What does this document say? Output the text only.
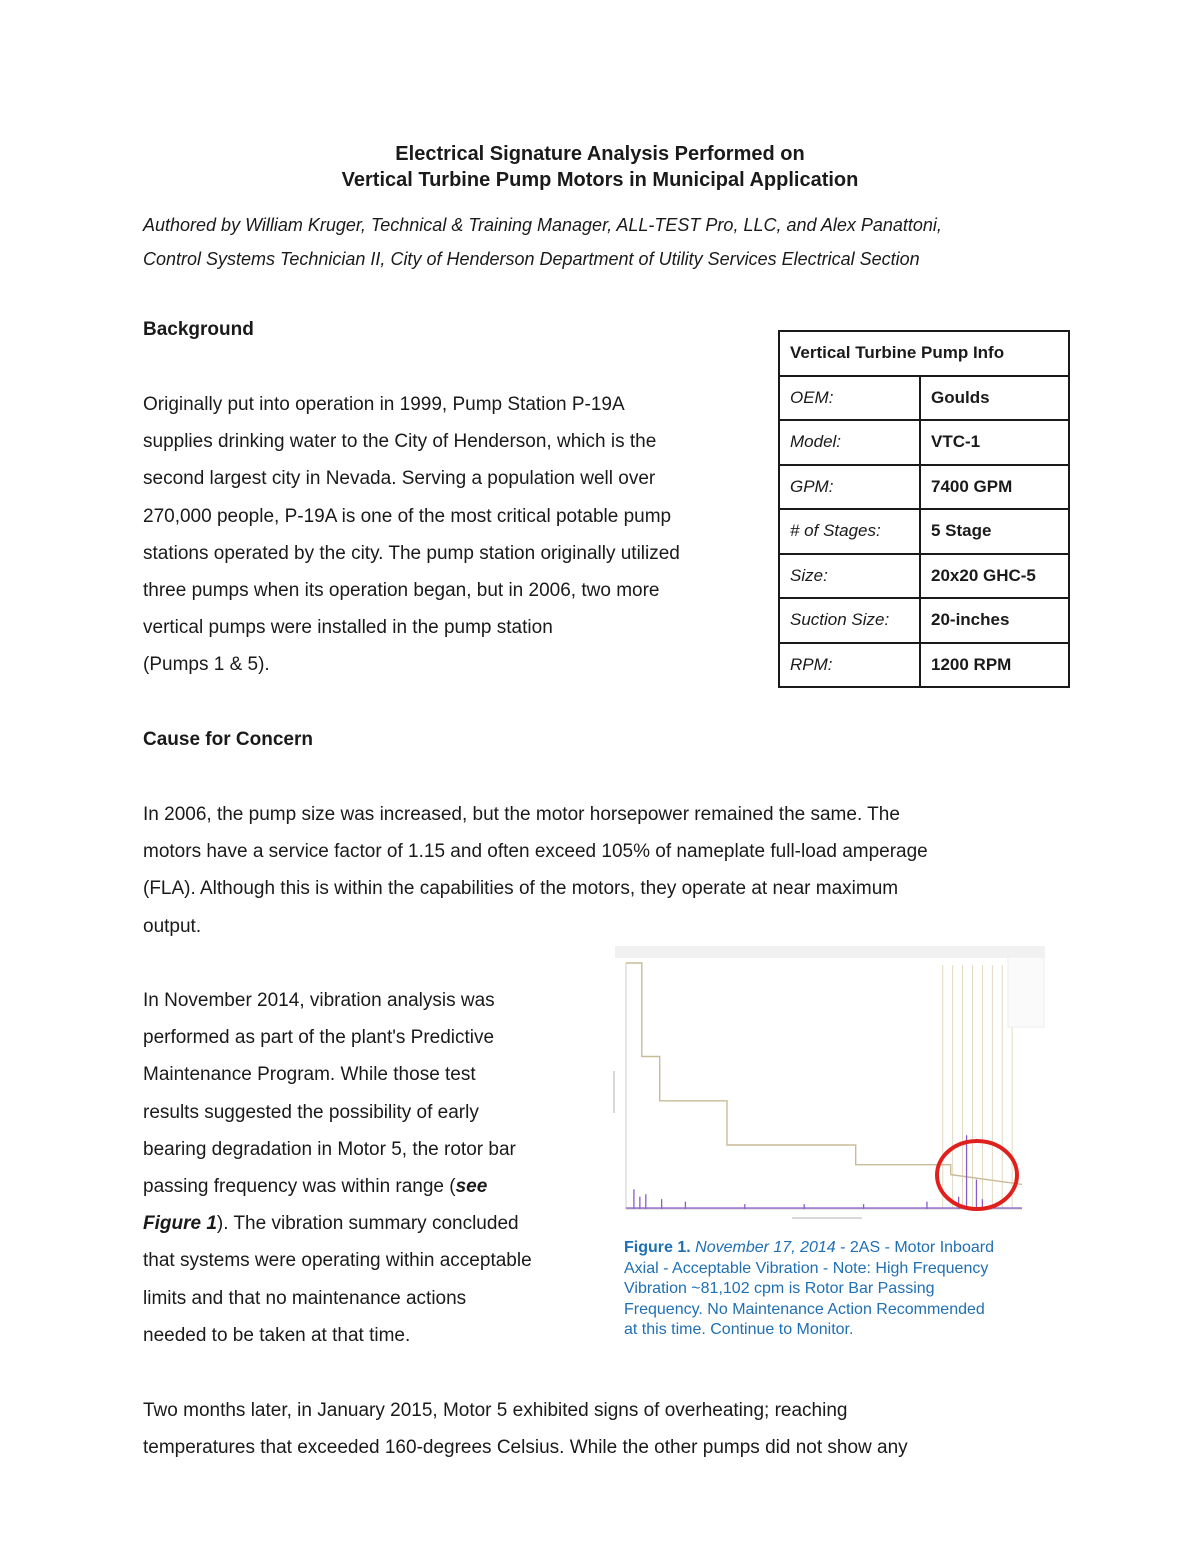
Electrical Signature Analysis Performed on
Vertical Turbine Pump Motors in Municipal Application
Authored by William Kruger, Technical & Training Manager, ALL-TEST Pro, LLC, and Alex Panattoni,
Control Systems Technician II, City of Henderson Department of Utility Services Electrical Section
Background
Originally put into operation in 1999, Pump Station P-19A
supplies drinking water to the City of Henderson, which is the
second largest city in Nevada. Serving a population well over
270,000 people, P-19A is one of the most critical potable pump
stations operated by the city. The pump station originally utilized
three pumps when its operation began, but in 2006, two more
vertical pumps were installed in the pump station
(Pumps 1 & 5).
Vertical Turbine Pump Info	
OEM:	Goulds
Model:	VTC-1
GPM:	7400 GPM
# of Stages:	5 Stage
Size:	20x20 GHC-5
Suction Size:	20-inches
RPM:	1200 RPM
Cause for Concern
In 2006, the pump size was increased, but the motor horsepower remained the same. The
motors have a service factor of 1.15 and often exceed 105% of nameplate full-load amperage
(FLA). Although this is within the capabilities of the motors, they operate at near maximum
output.
In November 2014, vibration analysis was
performed as part of the plant's Predictive
Maintenance Program. While those test
results suggested the possibility of early
bearing degradation in Motor 5, the rotor bar
passing frequency was within range (see
Figure 1). The vibration summary concluded
that systems were operating within acceptable
limits and that no maintenance actions
needed to be taken at that time.
Two months later, in January 2015, Motor 5 exhibited signs of overheating; reaching
temperatures that exceeded 160-degrees Celsius. While the other pumps did not show any
Figure 1. November 17, 2014 - 2AS - Motor Inboard
Axial - Acceptable Vibration - Note: High Frequency
Vibration ~81,102 cpm is Rotor Bar Passing
Frequency. No Maintenance Action Recommended
at this time. Continue to Monitor.
